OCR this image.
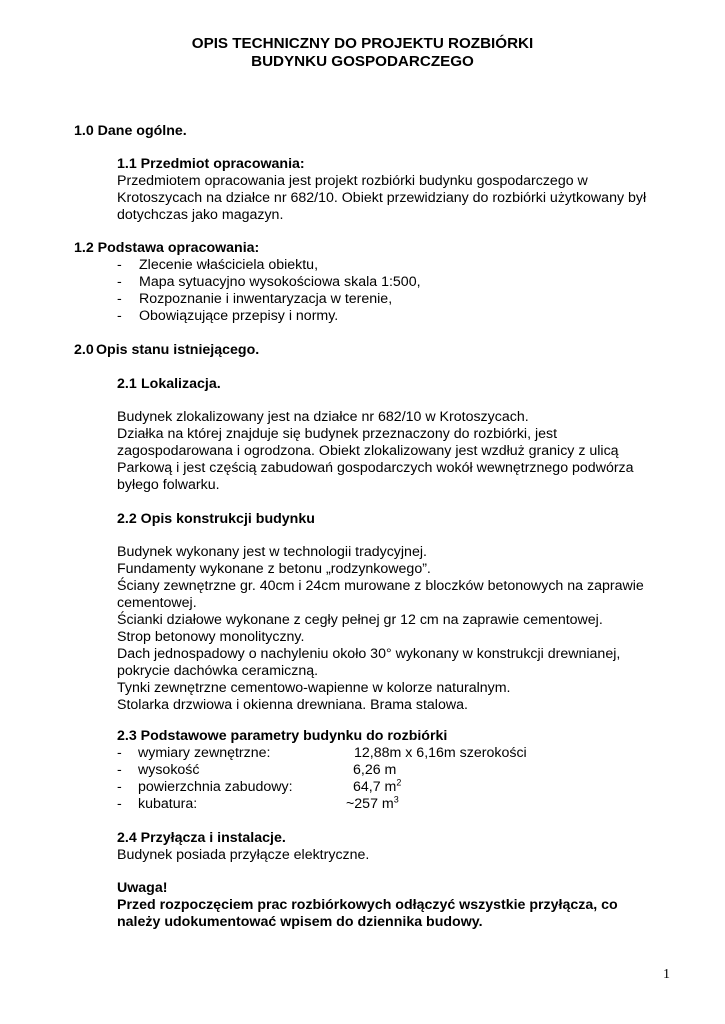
OPIS TECHNICZNY DO PROJEKTU ROZBIÓRKI
BUDYNKU GOSPODARCZEGO
1.0 Dane ogólne.
1.1 Przedmiot opracowania:
Przedmiotem opracowania jest projekt rozbiórki budynku gospodarczego w
Krotoszycach na działce nr 682/10. Obiekt przewidziany do rozbiórki użytkowany był
dotychczas jako magazyn.
1.2 Podstawa opracowania:
- Zlecenie właściciela obiektu,
- Mapa sytuacyjno wysokościowa skala 1:500,
- Rozpoznanie i inwentaryzacja w terenie,
- Obowiązujące przepisy i normy.
2.0 Opis stanu istniejącego.
2.1 Lokalizacja.
Budynek zlokalizowany jest na działce nr 682/10 w Krotoszycach.
Działka na której znajduje się budynek przeznaczony do rozbiórki, jest
zagospodarowana i ogrodzona. Obiekt zlokalizowany jest wzdłuż granicy z ulicą
Parkową i jest częścią zabudowań gospodarczych wokół wewnętrznego podwórza
byłego folwarku.
2.2 Opis konstrukcji budynku
Budynek wykonany jest w technologii tradycyjnej.
Fundamenty wykonane z betonu „rodzynkowego”.
Ściany zewnętrzne gr. 40cm i 24cm murowane z bloczków betonowych na zaprawie
cementowej.
Ścianki działowe wykonane z cegły pełnej gr 12 cm na zaprawie cementowej.
Strop betonowy monolityczny.
Dach jednospadowy o nachyleniu około 30° wykonany w konstrukcji drewnianej,
pokrycie dachówka ceramiczną.
Tynki zewnętrzne cementowo-wapienne w kolorze naturalnym.
Stolarka drzwiowa i okienna drewniana. Brama stalowa.
2.3 Podstawowe parametry budynku do rozbiórki
- wymiary zewnętrzne:	12,88m x 6,16m szerokości
- wysokość	6,26 m
- powierzchnia zabudowy:	64,7 $m^2$
- kubatura:	~257 $m^3$
2.4 Przyłącza i instalacje.
Budynek posiada przyłącze elektryczne.
Uwaga!
Przed rozpoczęciem prac rozbiórkowych odłączyć wszystkie przyłącza, co
należy udokumentować wpisem do dziennika budowy.
1
